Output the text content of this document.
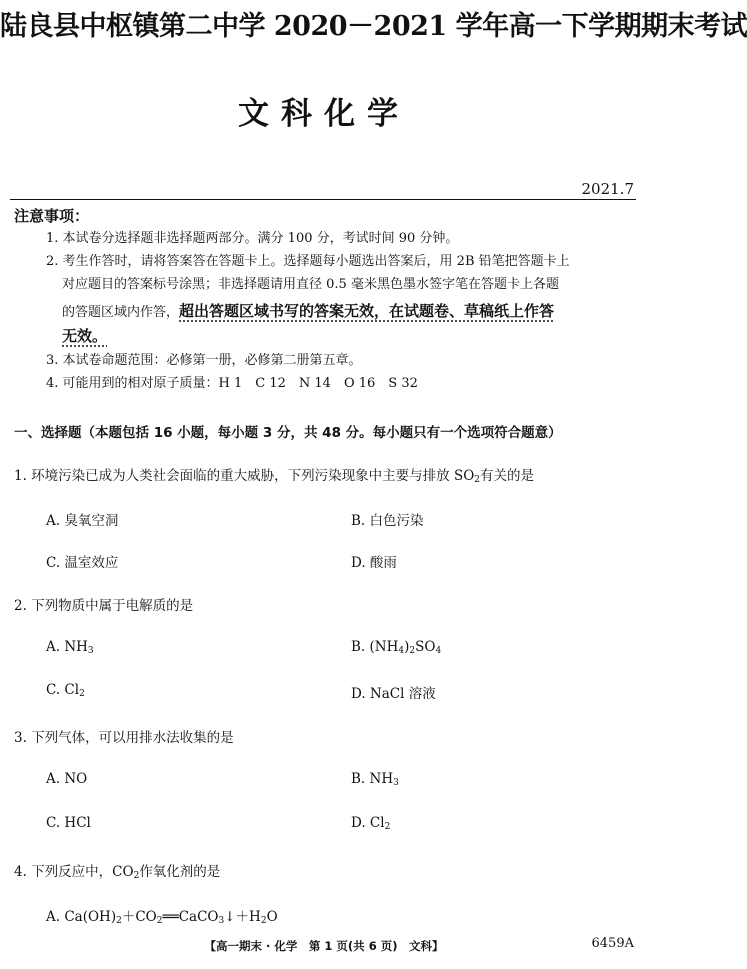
陆良县中枢镇第二中学 2020－2021 学年高一下学期期末考试
文科化学
2021.7
注意事项：
1. 本试卷分选择题非选择题两部分。满分 100 分，考试时间 90 分钟。
2. 考生作答时，请将答案答在答题卡上。选择题每小题选出答案后，用 2B 铅笔把答题卡上
对应题目的答案标号涂黑；非选择题请用直径 0.5 毫米黑色墨水签字笔在答题卡上各题
的答题区域内作答，超出答题区域书写的答案无效，在试题卷、草稿纸上作答
无效。
3. 本试卷命题范围：必修第一册，必修第二册第五章。
4. 可能用到的相对原子质量：H 1　C 12　N 14　O 16　S 32
一、选择题（本题包括 16 小题，每小题 3 分，共 48 分。每小题只有一个选项符合题意）
1. 环境污染已成为人类社会面临的重大威胁，下列污染现象中主要与排放 $SO_2$有关的是
A. 臭氧空洞	B. 白色污染
C. 温室效应	D. 酸雨
2. 下列物质中属于电解质的是
A. $NH_3$	B. $(NH_4)_2SO_4$
C. $Cl_2$	D. NaCl 溶液
3. 下列气体，可以用排水法收集的是
A. NO	B. $NH_3$
C. HCl	D. $Cl_2$
4. 下列反应中，$CO_2$作氧化剂的是
A. $Ca(OH)_2+CO_2══CaCO_3↓+H_2O$
【高一期末 · 化学　第 1 页(共 6 页)　文科】	6459A
